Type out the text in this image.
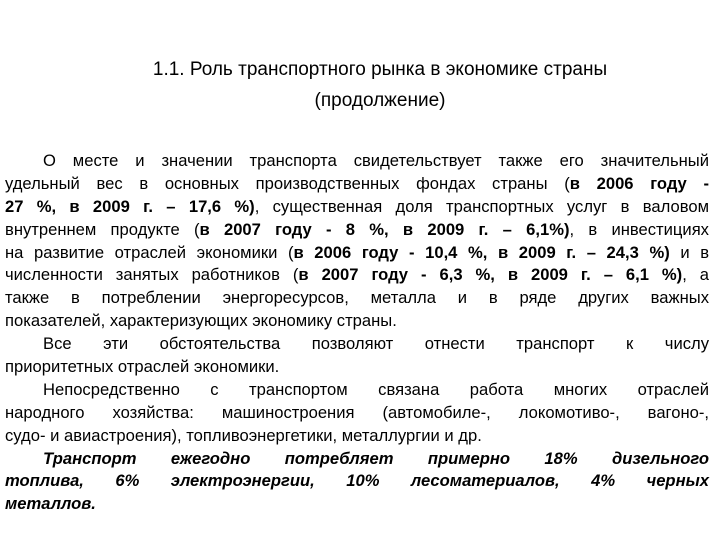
1.1. Роль транспортного рынка в экономике страны
(продолжение)
О месте и значении транспорта свидетельствует также его значительный
удельный вес в основных производственных фондах страны (в 2006 году -
27 %, в 2009 г. – 17,6 %), существенная доля транспортных услуг в валовом
внутреннем продукте (в 2007 году - 8 %, в 2009 г. – 6,1%), в инвестициях
на развитие отраслей экономики (в 2006 году - 10,4 %, в 2009 г. – 24,3 %) и в
численности занятых работников (в 2007 году - 6,3 %, в 2009 г. – 6,1 %), а
также в потреблении энергоресурсов, металла и в ряде других важных
показателей, характеризующих экономику страны.
Все эти обстоятельства позволяют отнести транспорт к числу
приоритетных отраслей экономики.
Непосредственно с транспортом связана работа многих отраслей
народного хозяйства: машиностроения (автомобиле-, локомотиво-, вагоно-,
судо- и авиастроения), топливоэнергетики, металлургии и др.
Транспорт ежегодно потребляет примерно 18% дизельного
топлива, 6% электроэнергии, 10% лесоматериалов, 4% черных
металлов.
